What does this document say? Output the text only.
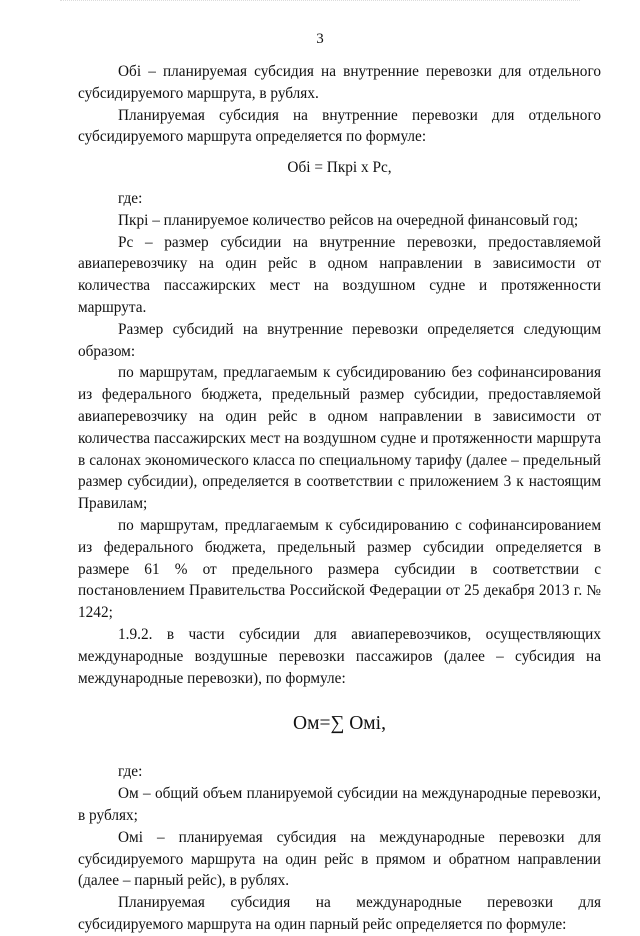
3

Обi – планируемая субсидия на внутренние перевозки для отдельного субсидируемого маршрута, в рублях.

Планируемая субсидия на внутренние перевозки для отдельного субсидируемого маршрута определяется по формуле:

Обi = Пкрi х Рс,

где:

Пкрi – планируемое количество рейсов на очередной финансовый год;

Рс – размер субсидии на внутренние перевозки, предоставляемой авиаперевозчику на один рейс в одном направлении в зависимости от количества пассажирских мест на воздушном судне и протяженности маршрута.

Размер субсидий на внутренние перевозки определяется следующим образом:

по маршрутам, предлагаемым к субсидированию без софинансирования из федерального бюджета, предельный размер субсидии, предоставляемой авиаперевозчику на один рейс в одном направлении в зависимости от количества пассажирских мест на воздушном судне и протяженности маршрута в салонах экономического класса по специальному тарифу (далее – предельный размер субсидии), определяется в соответствии с приложением 3 к настоящим Правилам;

по маршрутам, предлагаемым к субсидированию с софинансированием из федерального бюджета, предельный размер субсидии определяется в размере 61 % от предельного размера субсидии в соответствии с постановлением Правительства Российской Федерации от 25 декабря 2013 г. № 1242;

1.9.2. в части субсидии для авиаперевозчиков, осуществляющих международные воздушные перевозки пассажиров (далее – субсидия на международные перевозки), по формуле:

Ом=∑ Омi,

где:

Ом – общий объем планируемой субсидии на международные перевозки, в рублях;

Омi – планируемая субсидия на международные перевозки для субсидируемого маршрута на один рейс в прямом и обратном направлении (далее – парный рейс), в рублях.

Планируемая субсидия на международные перевозки для субсидируемого маршрута на один парный рейс определяется по формуле:
